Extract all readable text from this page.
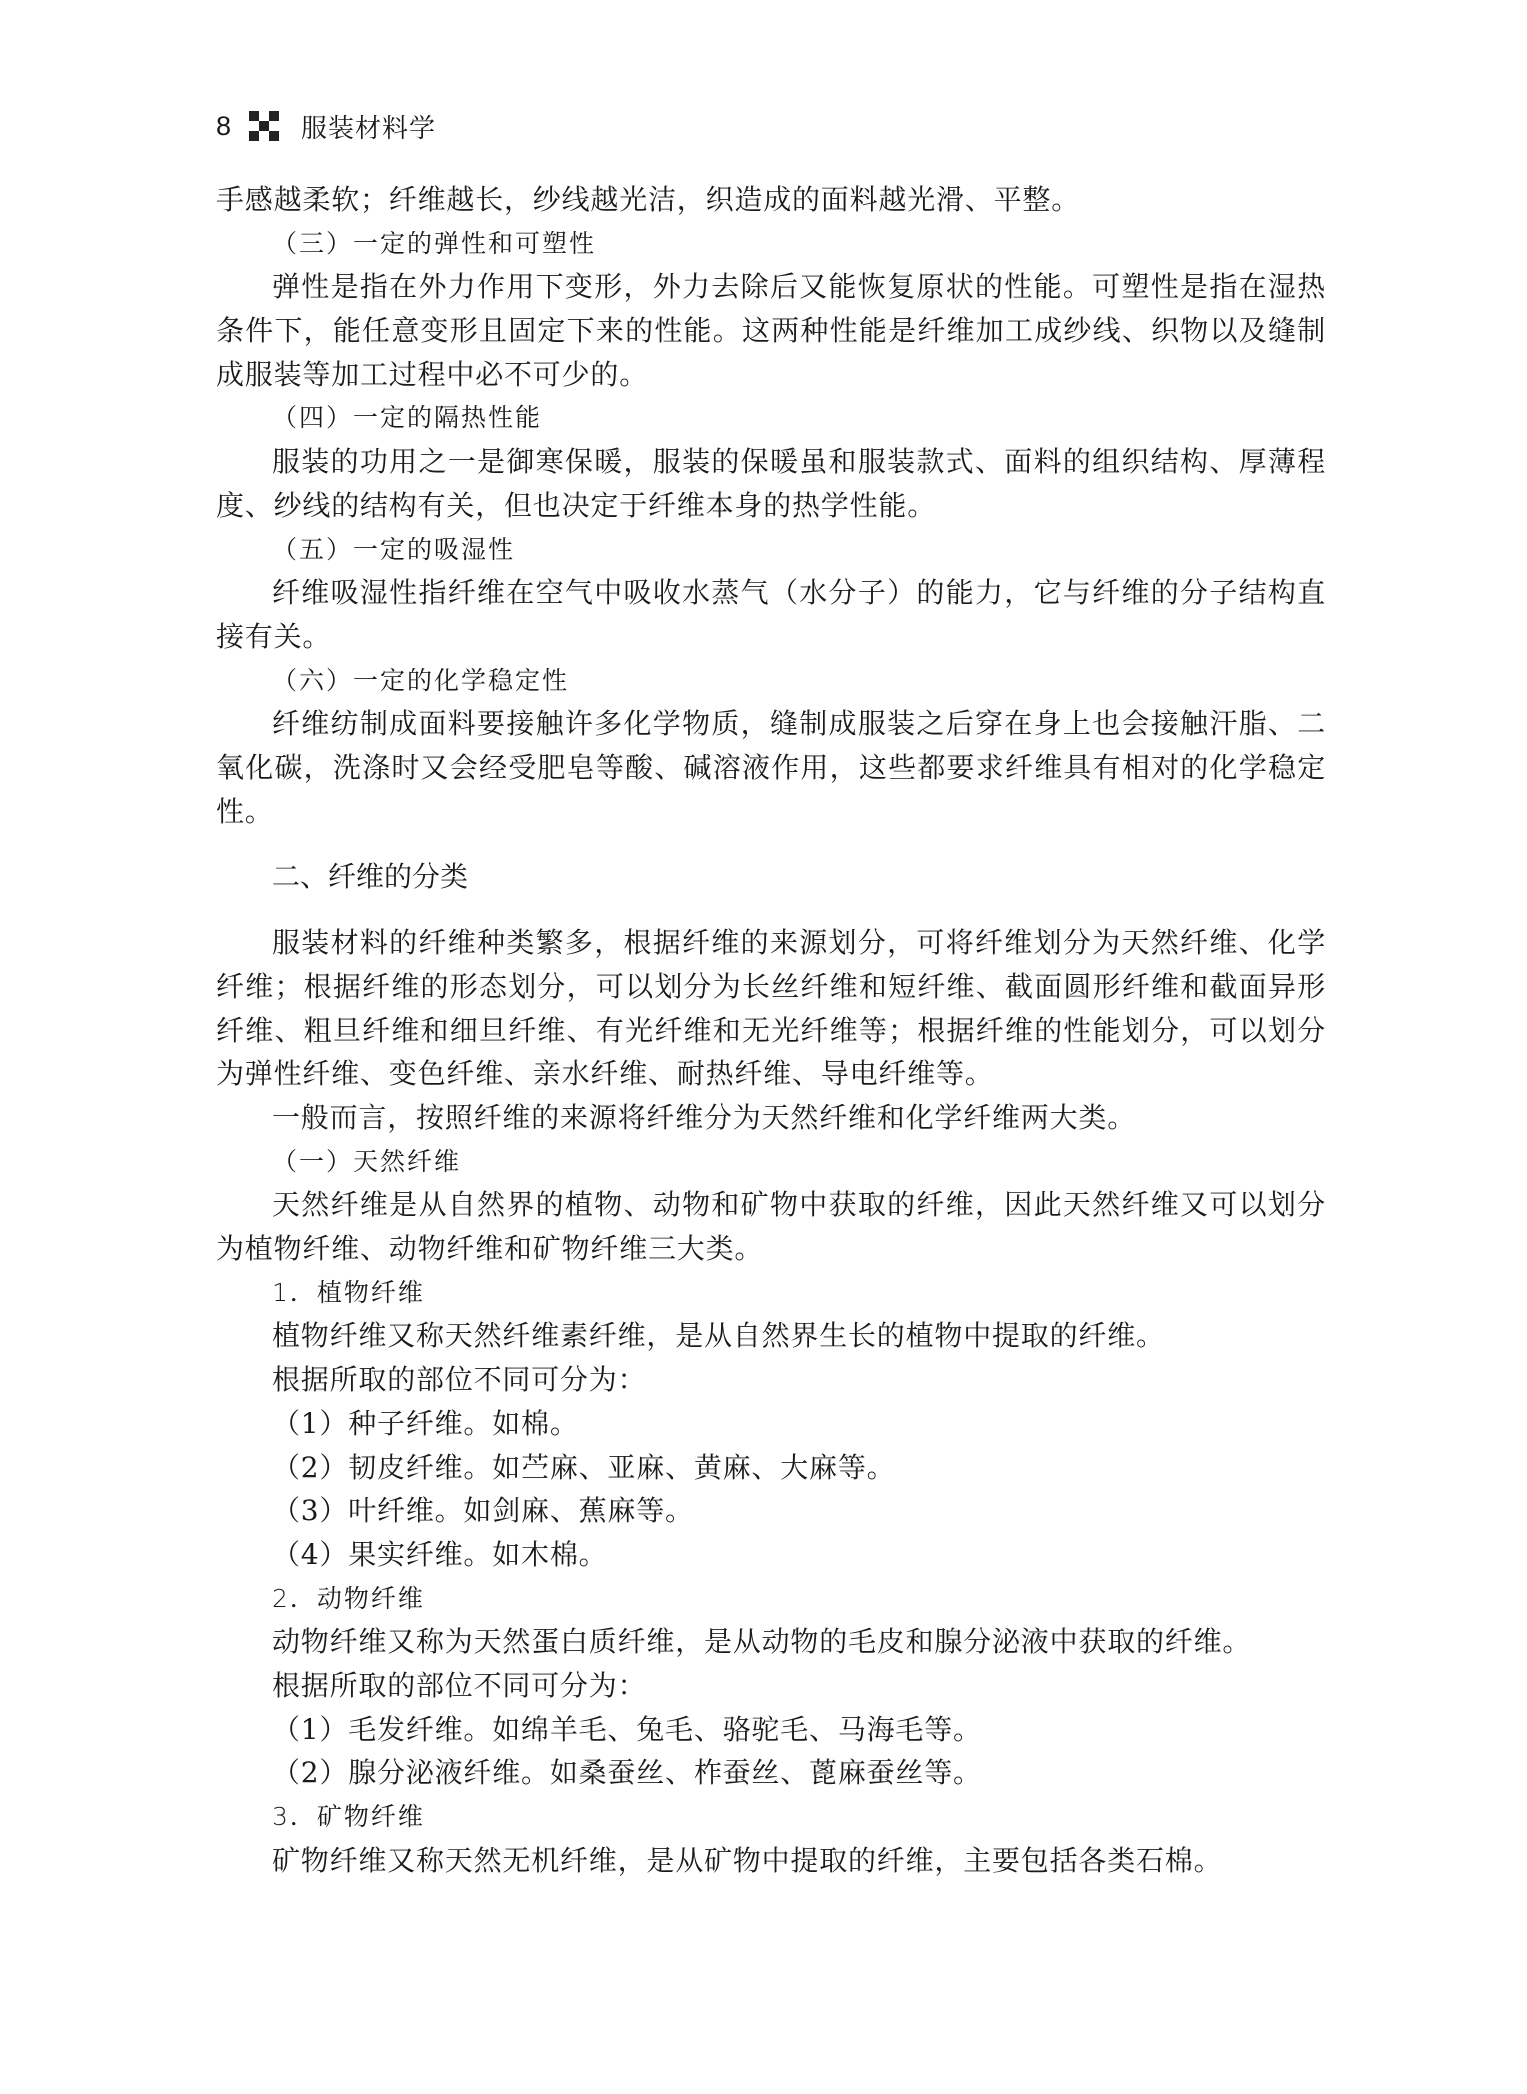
8	服装材料学
手感越柔软；纤维越长，纱线越光洁，织造成的面料越光滑、平整。
（三）一定的弹性和可塑性
弹性是指在外力作用下变形，外力去除后又能恢复原状的性能。可塑性是指在湿热条件下，能任意变形且固定下来的性能。这两种性能是纤维加工成纱线、织物以及缝制成服装等加工过程中必不可少的。
（四）一定的隔热性能
服装的功用之一是御寒保暖，服装的保暖虽和服装款式、面料的组织结构、厚薄程度、纱线的结构有关，但也决定于纤维本身的热学性能。
（五）一定的吸湿性
纤维吸湿性指纤维在空气中吸收水蒸气（水分子）的能力，它与纤维的分子结构直接有关。
（六）一定的化学稳定性
纤维纺制成面料要接触许多化学物质，缝制成服装之后穿在身上也会接触汗脂、二氧化碳，洗涤时又会经受肥皂等酸、碱溶液作用，这些都要求纤维具有相对的化学稳定性。
二、纤维的分类
服装材料的纤维种类繁多，根据纤维的来源划分，可将纤维划分为天然纤维、化学纤维；根据纤维的形态划分，可以划分为长丝纤维和短纤维、截面圆形纤维和截面异形纤维、粗旦纤维和细旦纤维、有光纤维和无光纤维等；根据纤维的性能划分，可以划分为弹性纤维、变色纤维、亲水纤维、耐热纤维、导电纤维等。
一般而言，按照纤维的来源将纤维分为天然纤维和化学纤维两大类。
（一）天然纤维
天然纤维是从自然界的植物、动物和矿物中获取的纤维，因此天然纤维又可以划分为植物纤维、动物纤维和矿物纤维三大类。
1．植物纤维
植物纤维又称天然纤维素纤维，是从自然界生长的植物中提取的纤维。
根据所取的部位不同可分为：
（1）种子纤维。如棉。
（2）韧皮纤维。如苎麻、亚麻、黄麻、大麻等。
（3）叶纤维。如剑麻、蕉麻等。
（4）果实纤维。如木棉。
2．动物纤维
动物纤维又称为天然蛋白质纤维，是从动物的毛皮和腺分泌液中获取的纤维。
根据所取的部位不同可分为：
（1）毛发纤维。如绵羊毛、兔毛、骆驼毛、马海毛等。
（2）腺分泌液纤维。如桑蚕丝、柞蚕丝、蓖麻蚕丝等。
3．矿物纤维
矿物纤维又称天然无机纤维，是从矿物中提取的纤维，主要包括各类石棉。
